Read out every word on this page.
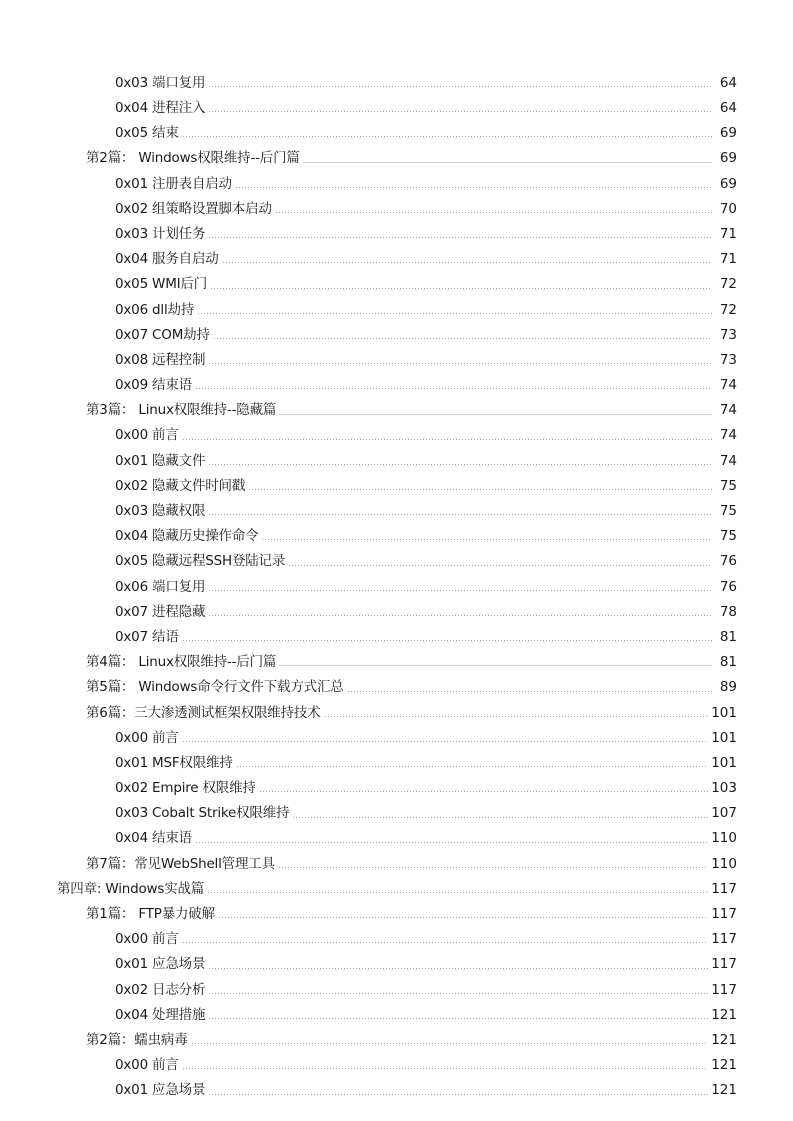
0x03 端口复用	64
0x04 进程注入	64
0x05 结束	69
第2篇： Windows权限维持--后门篇	69
0x01 注册表自启动	69
0x02 组策略设置脚本启动	70
0x03 计划任务	71
0x04 服务自启动	71
0x05 WMI后门	72
0x06 dll劫持	72
0x07 COM劫持	73
0x08 远程控制	73
0x09 结束语	74
第3篇： Linux权限维持--隐藏篇	74
0x00 前言	74
0x01 隐藏文件	74
0x02 隐藏文件时间戳	75
0x03 隐藏权限	75
0x04 隐藏历史操作命令	75
0x05 隐藏远程SSH登陆记录	76
0x06 端口复用	76
0x07 进程隐藏	78
0x07 结语	81
第4篇： Linux权限维持--后门篇	81
第5篇： Windows命令行文件下载方式汇总	89
第6篇：三大渗透测试框架权限维持技术	101
0x00 前言	101
0x01 MSF权限维持	101
0x02 Empire 权限维持	103
0x03 Cobalt Strike权限维持	107
0x04 结束语	110
第7篇：常见WebShell管理工具	110
第四章: Windows实战篇	117
第1篇： FTP暴力破解	117
0x00 前言	117
0x01 应急场景	117
0x02 日志分析	117
0x04 处理措施	121
第2篇：蠕虫病毒	121
0x00 前言	121
0x01 应急场景	121
